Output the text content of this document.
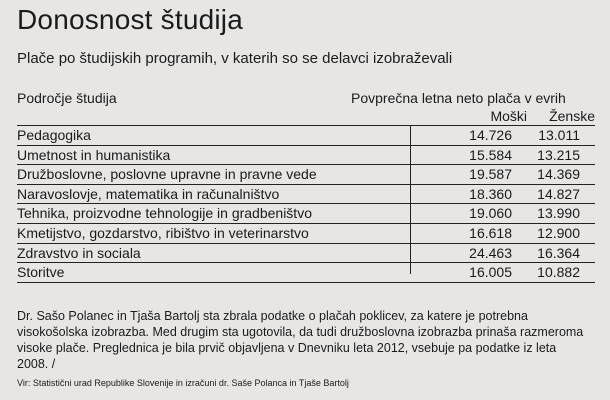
Donosnost študija
Plače po študijskih programih, v katerih so se delavci izobraževali
Področje študija	Povprečna letna neto plača v evrih
Moški Ženske
Pedagogika	14.726 13.011
Umetnost in humanistika	15.584 13.215
Družboslovne, poslovne upravne in pravne vede	19.587 14.369
Naravoslovje, matematika in računalništvo	18.360 14.827
Tehnika, proizvodne tehnologije in gradbeništvo	19.060 13.990
Kmetijstvo, gozdarstvo, ribištvo in veterinarstvo	16.618 12.900
Zdravstvo in sociala	24.463 16.364
Storitve	16.005 10.882
Dr. Sašo Polanec in Tjaša Bartolj sta zbrala podatke o plačah poklicev, za katere je potrebna visokošolska izobrazba. Med drugim sta ugotovila, da tudi družboslovna izobrazba prinaša razmeroma visoke plače. Preglednica je bila prvič objavljena v Dnevniku leta 2012, vsebuje pa podatke iz leta 2008. /
Vir: Statistični urad Republike Slovenije in izračuni dr. Saše Polanca in Tjaše Bartolj
